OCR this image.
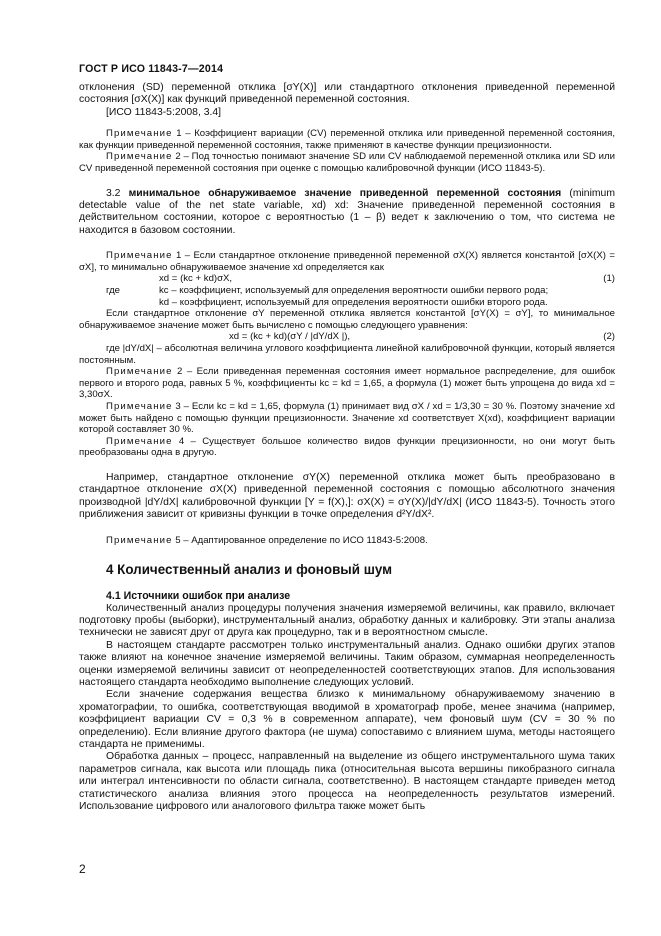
ГОСТ Р ИСО 11843-7—2014

отклонения (SD) переменной отклика [σY(X)] или стандартного отклонения приведенной переменной состояния [σX(X)] как функций приведенной переменной состояния.

[ИСО 11843-5:2008, 3.4]

Примечание 1 – Коэффициент вариации (CV) переменной отклика или приведенной переменной состояния, как функции приведенной переменной состояния, также применяют в качестве функции прецизионности.

Примечание 2 – Под точностью понимают значение SD или CV наблюдаемой переменной отклика или SD или CV приведенной переменной состояния при оценке с помощью калибровочной функции (ИСО 11843-5).

3.2 минимальное обнаруживаемое значение приведенной переменной состояния (minimum detectable value of the net state variable, xd) xd: Значение приведенной переменной состояния в действительном состоянии, которое с вероятностью (1 – β) ведет к заключению о том, что система не находится в базовом состоянии.

Примечание 1 – Если стандартное отклонение приведенной переменной σX(X) является константой [σX(X) = σX], то минимально обнаруживаемое значение xd определяется как

xd = (kc + kd)σX,	(1)
где	kc – коэффициент, используемый для определения вероятности ошибки первого рода;
kd – коэффициент, используемый для определения вероятности ошибки второго рода.

Если стандартное отклонение σY переменной отклика является константой [σY(X) = σY], то минимальное обнаруживаемое значение может быть вычислено с помощью следующего уравнения:

xd = (kc + kd)(σY / |dY/dX |),	(2)

где |dY/dX| – абсолютная величина углового коэффициента линейной калибровочной функции, который является постоянным.

Примечание 2 – Если приведенная переменная состояния имеет нормальное распределение, для ошибок первого и второго рода, равных 5 %, коэффициенты kc = kd = 1,65, а формула (1) может быть упрощена до вида xd = 3,30σX.

Примечание 3 – Если kc = kd = 1,65, формула (1) принимает вид σX / xd = 1/3,30 = 30 %. Поэтому значение xd может быть найдено с помощью функции прецизионности. Значение xd соответствует X(xd), коэффициент вариации которой составляет 30 %.

Примечание 4 – Существует большое количество видов функции прецизионности, но они могут быть преобразованы одна в другую.

Например, стандартное отклонение σY(X) переменной отклика может быть преобразовано в стандартное отклонение σX(X) приведенной переменной состояния с помощью абсолютного значения производной |dY/dX| калибровочной функции [Y = f(X),]: σX(X) = σY(X)/|dY/dX| (ИСО 11843-5). Точность этого приближения зависит от кривизны функции в точке определения d²Y/dX².

Примечание 5 – Адаптированное определение по ИСО 11843-5:2008.

4 Количественный анализ и фоновый шум
4.1 Источники ошибок при анализе

Количественный анализ процедуры получения значения измеряемой величины, как правило, включает подготовку пробы (выборки), инструментальный анализ, обработку данных и калибровку. Эти этапы анализа технически не зависят друг от друга как процедурно, так и в вероятностном смысле.

В настоящем стандарте рассмотрен только инструментальный анализ. Однако ошибки других этапов также влияют на конечное значение измеряемой величины. Таким образом, суммарная неопределенность оценки измеряемой величины зависит от неопределенностей соответствующих этапов. Для использования настоящего стандарта необходимо выполнение следующих условий.

Если значение содержания вещества близко к минимальному обнаруживаемому значению в хроматографии, то ошибка, соответствующая вводимой в хроматограф пробе, менее значима (например, коэффициент вариации CV = 0,3 % в современном аппарате), чем фоновый шум (CV = 30 % по определению). Если влияние другого фактора (не шума) сопоставимо с влиянием шума, методы настоящего стандарта не применимы.

Обработка данных – процесс, направленный на выделение из общего инструментального шума таких параметров сигнала, как высота или площадь пика (относительная высота вершины пикобразного сигнала или интеграл интенсивности по области сигнала, соответственно). В настоящем стандарте приведен метод статистического анализа влияния этого процесса на неопределенность результатов измерений. Использование цифрового или аналогового фильтра также может быть

2
